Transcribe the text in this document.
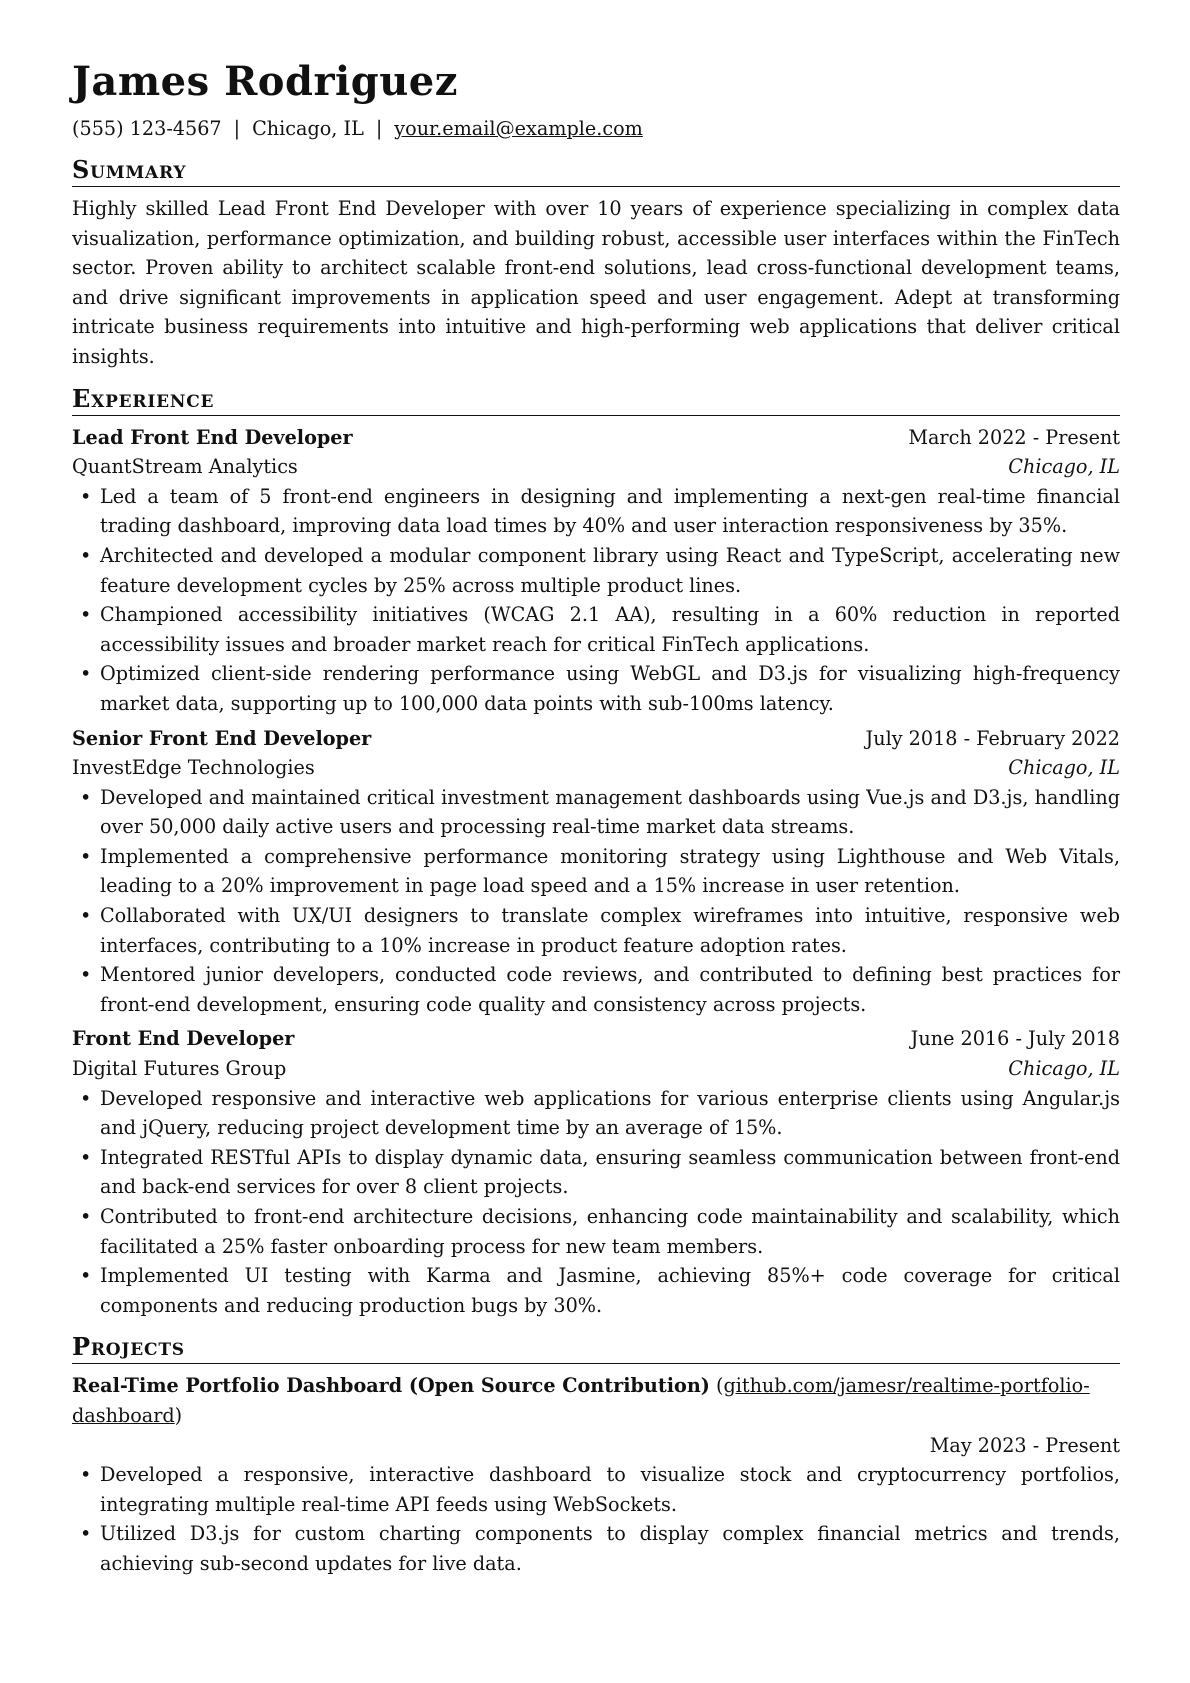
James Rodriguez
(555) 123-4567 | Chicago, IL | your.email@example.com
Summary
Highly skilled Lead Front End Developer with over 10 years of experience specializing in complex data visualization, performance optimization, and building robust, accessible user interfaces within the FinTech sector. Proven ability to architect scalable front-end solutions, lead cross-functional development teams, and drive significant improvements in application speed and user engagement. Adept at transforming intricate business requirements into intuitive and high-performing web applications that deliver critical insights.
Experience
Lead Front End Developer	March 2022 - Present
QuantStream Analytics	Chicago, IL
• Led a team of 5 front-end engineers in designing and implementing a next-gen real-time financial trading dashboard, improving data load times by 40% and user interaction responsiveness by 35%.
• Architected and developed a modular component library using React and TypeScript, accelerating new feature development cycles by 25% across multiple product lines.
• Championed accessibility initiatives (WCAG 2.1 AA), resulting in a 60% reduction in reported accessibility issues and broader market reach for critical FinTech applications.
• Optimized client-side rendering performance using WebGL and D3.js for visualizing high-frequency market data, supporting up to 100,000 data points with sub-100ms latency.
Senior Front End Developer	July 2018 - February 2022
InvestEdge Technologies	Chicago, IL
• Developed and maintained critical investment management dashboards using Vue.js and D3.js, handling over 50,000 daily active users and processing real-time market data streams.
• Implemented a comprehensive performance monitoring strategy using Lighthouse and Web Vitals, leading to a 20% improvement in page load speed and a 15% increase in user retention.
• Collaborated with UX/UI designers to translate complex wireframes into intuitive, responsive web interfaces, contributing to a 10% increase in product feature adoption rates.
• Mentored junior developers, conducted code reviews, and contributed to defining best practices for front-end development, ensuring code quality and consistency across projects.
Front End Developer	June 2016 - July 2018
Digital Futures Group	Chicago, IL
• Developed responsive and interactive web applications for various enterprise clients using Angular.js and jQuery, reducing project development time by an average of 15%.
• Integrated RESTful APIs to display dynamic data, ensuring seamless communication between front-end and back-end services for over 8 client projects.
• Contributed to front-end architecture decisions, enhancing code maintainability and scalability, which facilitated a 25% faster onboarding process for new team members.
• Implemented UI testing with Karma and Jasmine, achieving 85%+ code coverage for critical components and reducing production bugs by 30%.
Projects
Real-Time Portfolio Dashboard (Open Source Contribution) (github.com/jamesr/realtime-portfolio-dashboard)
May 2023 - Present
• Developed a responsive, interactive dashboard to visualize stock and cryptocurrency portfolios, integrating multiple real-time API feeds using WebSockets.
• Utilized D3.js for custom charting components to display complex financial metrics and trends, achieving sub-second updates for live data.
